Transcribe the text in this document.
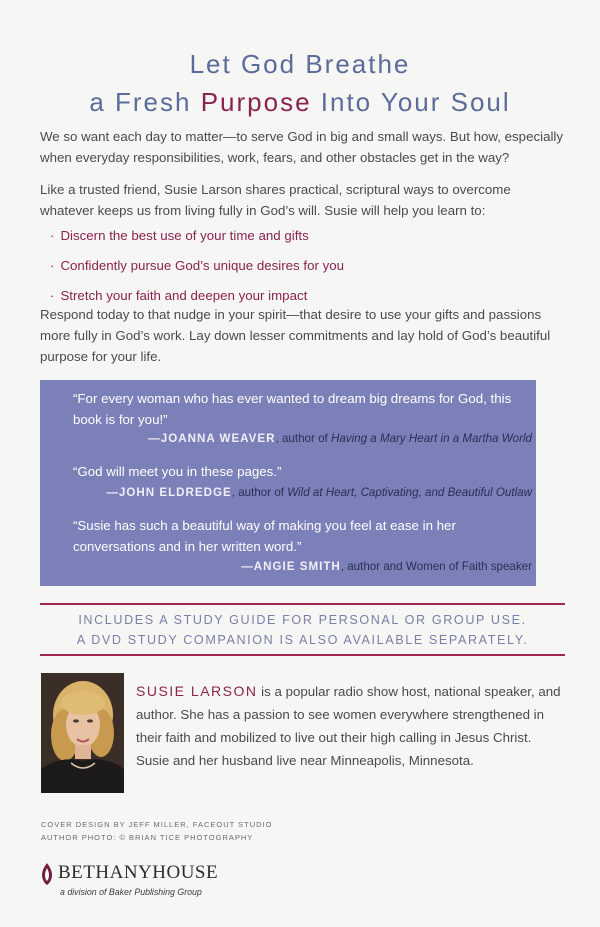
Let God Breathe
a Fresh Purpose Into Your Soul
We so want each day to matter—to serve God in big and small ways. But how, especially when everyday responsibilities, work, fears, and other obstacles get in the way?
Like a trusted friend, Susie Larson shares practical, scriptural ways to overcome whatever keeps us from living fully in God’s will. Susie will help you learn to:
· Discern the best use of your time and gifts
· Confidently pursue God’s unique desires for you
· Stretch your faith and deepen your impact
Respond today to that nudge in your spirit—that desire to use your gifts and passions more fully in God’s work. Lay down lesser commitments and lay hold of God’s beautiful purpose for your life.
“For every woman who has ever wanted to dream big dreams for God, this book is for you!”
—JOANNA WEAVER, author of Having a Mary Heart in a Martha World
“God will meet you in these pages.”
—JOHN ELDREDGE, author of Wild at Heart, Captivating, and Beautiful Outlaw
“Susie has such a beautiful way of making you feel at ease in her conversations and in her written word.”
—ANGIE SMITH, author and Women of Faith speaker
INCLUDES A STUDY GUIDE FOR PERSONAL OR GROUP USE.
A DVD STUDY COMPANION IS ALSO AVAILABLE SEPARATELY.
SUSIE LARSON is a popular radio show host, national speaker, and author. She has a passion to see women everywhere strengthened in their faith and mobilized to live out their high calling in Jesus Christ. Susie and her husband live near Minneapolis, Minnesota.
COVER DESIGN BY JEFF MILLER, FACEOUT STUDIO
AUTHOR PHOTO: © BRIAN TICE PHOTOGRAPHY
BETHANYHOUSE
a division of Baker Publishing Group
